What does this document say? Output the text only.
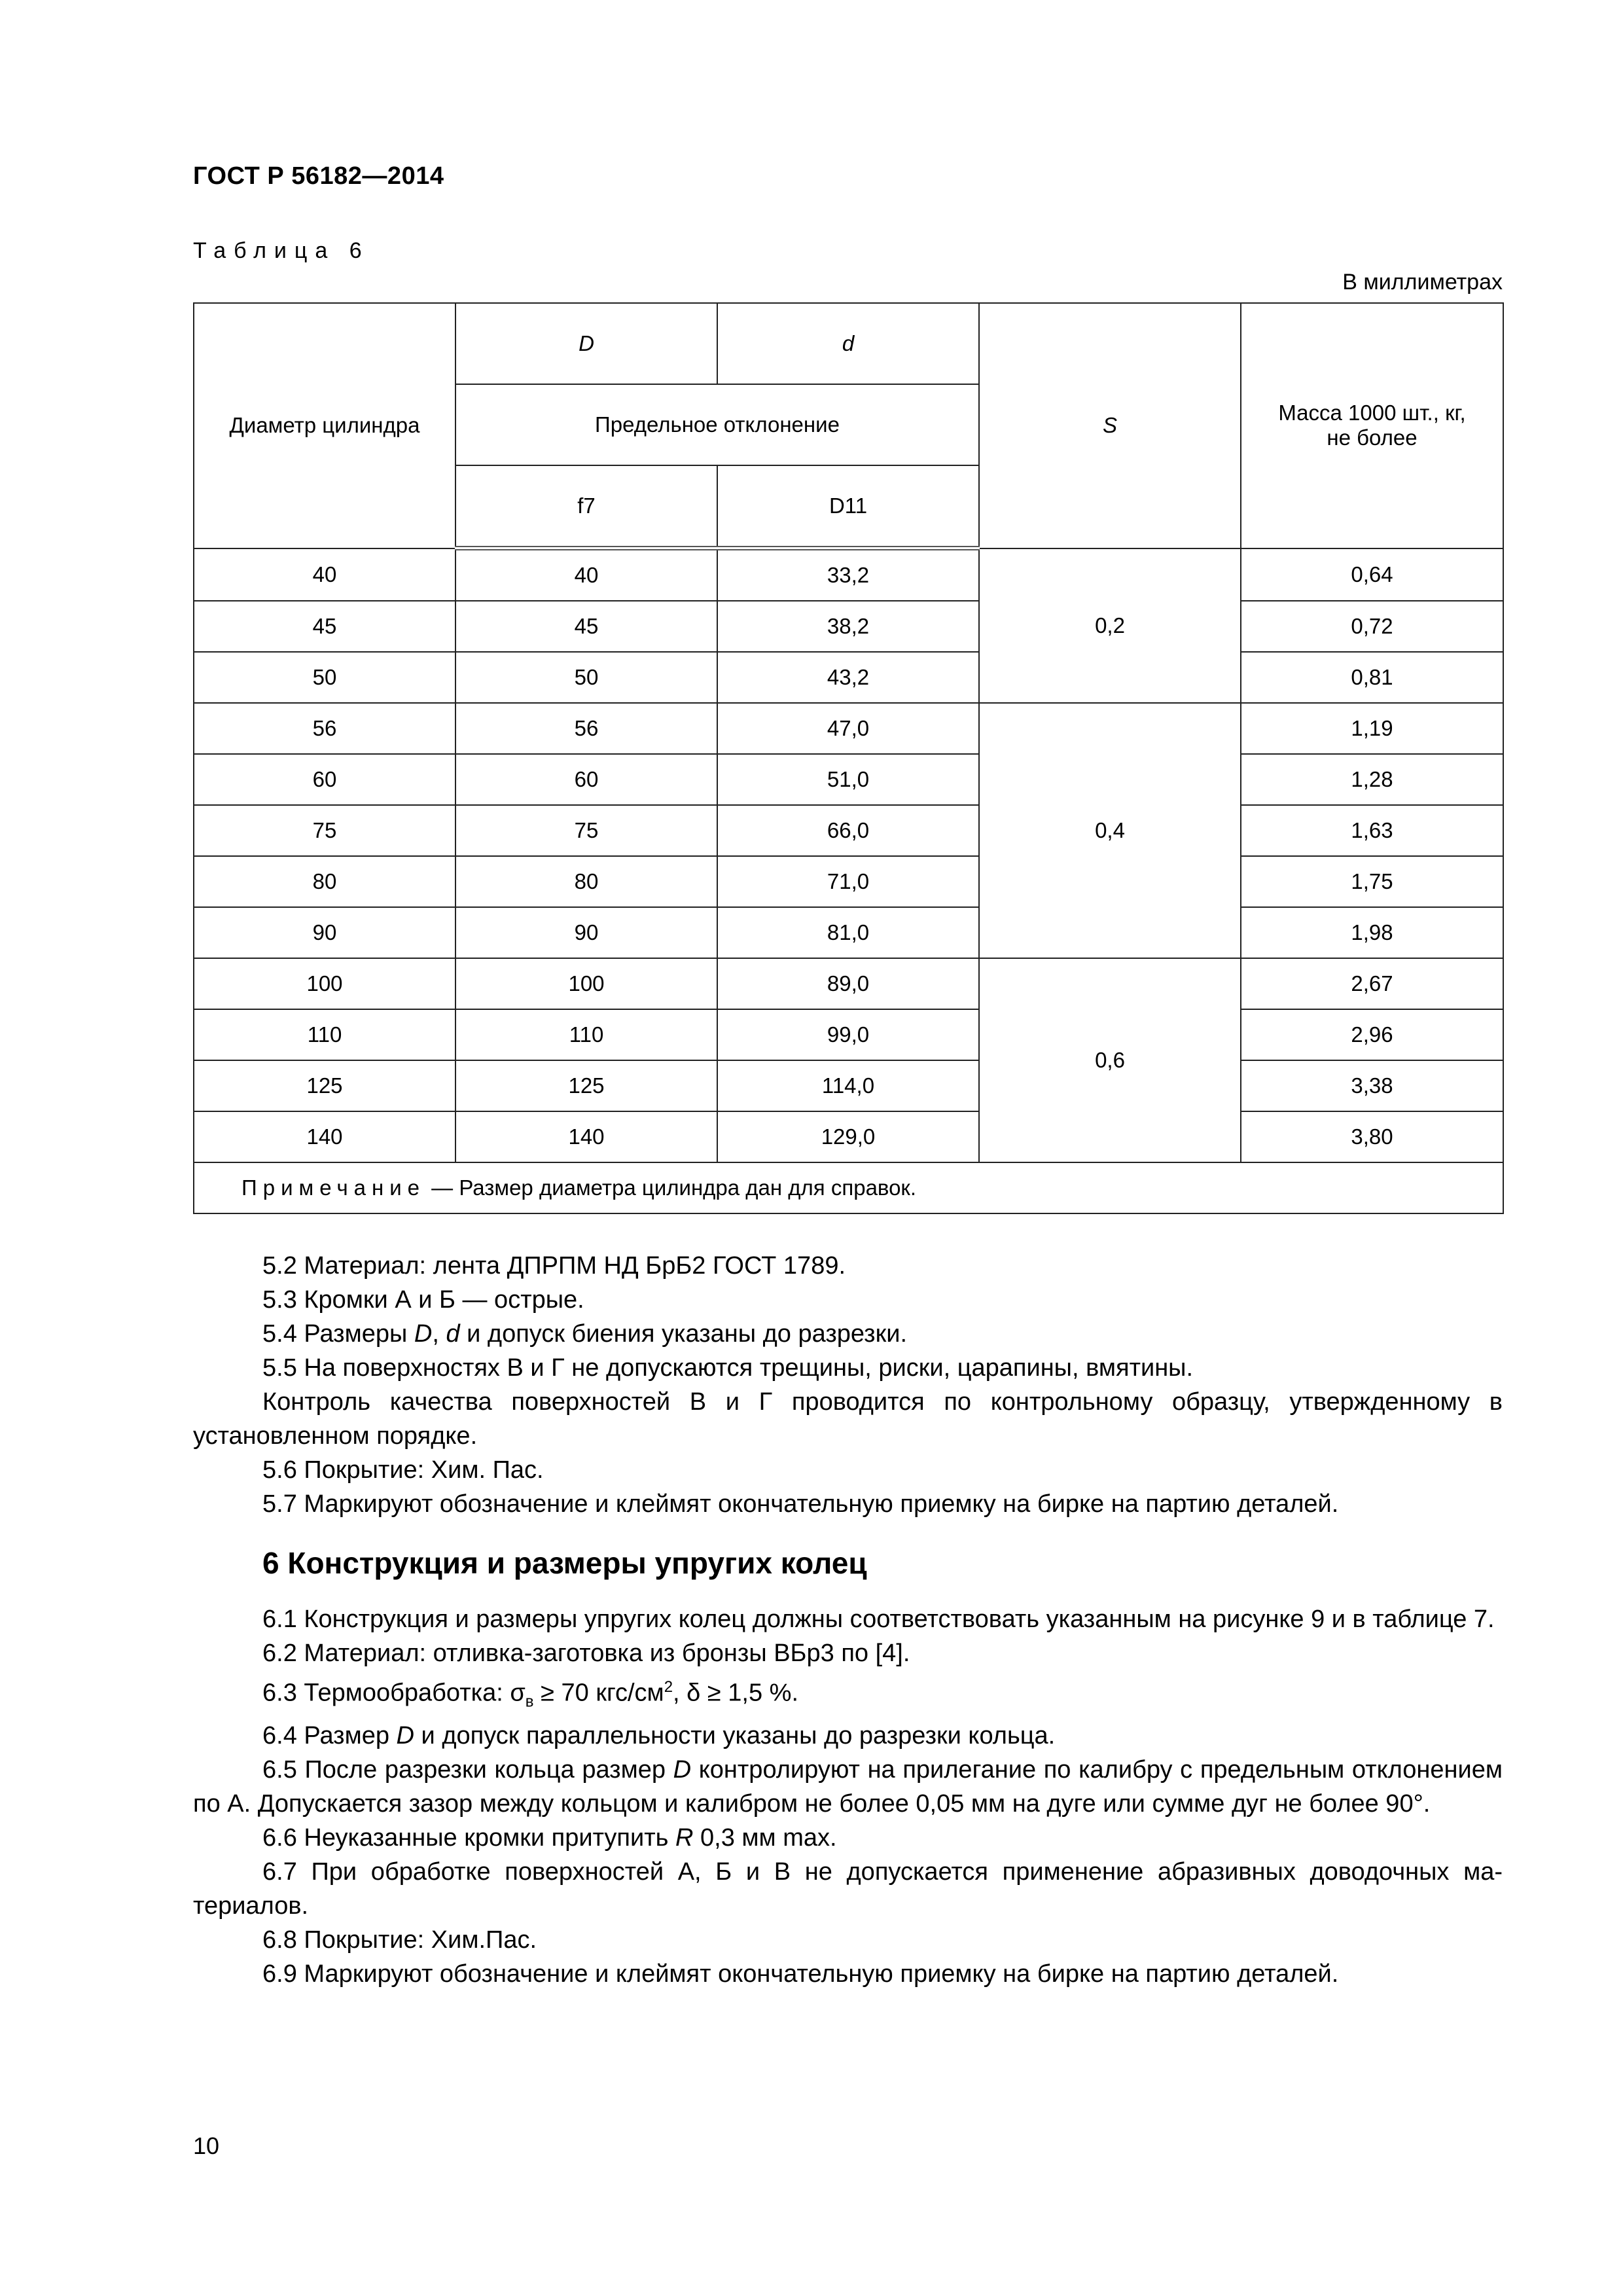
ГОСТ Р 56182—2014
Таблица 6
В миллиметрах
Диаметр цилиндра	D	d	S	Масса 1000 шт., кг, не более
	Предельное отклонение			
	f7	D11		
40	40	33,2	0,2	0,64
45	45	38,2		0,72
50	50	43,2		0,81
56	56	47,0	0,4	1,19
60	60	51,0		1,28
75	75	66,0		1,63
80	80	71,0		1,75
90	90	81,0		1,98
100	100	89,0	0,6	2,67
110	110	99,0		2,96
125	125	114,0		3,38
140	140	129,0		3,80
Примечание — Размер диаметра цилиндра дан для справок.				

5.2 Материал: лента ДПРПМ НД БрБ2 ГОСТ 1789.

5.3 Кромки А и Б — острые.

5.4 Размеры D, d и допуск биения указаны до разрезки.

5.5 На поверхностях В и Г не допускаются трещины, риски, царапины, вмятины.

Контроль качества поверхностей В и Г проводится по контрольному образцу, утвержденному в установленном порядке.

5.6 Покрытие: Хим. Пас.

5.7 Маркируют обозначение и клеймят окончательную приемку на бирке на партию деталей.

6 Конструкция и размеры упругих колец

6.1 Конструкция и размеры упругих колец должны соответствовать указанным на рисунке 9 и в таблице 7.

6.2 Материал: отливка-заготовка из бронзы ВБр3 по [4].

6.3 Термообработка: $\sigma_в \ge 70$ кгс/$см^2$, δ ≥ 1,5 %.

6.4 Размер D и допуск параллельности указаны до разрезки кольца.

6.5 После разрезки кольца размер D контролируют на прилегание по калибру с предельным отклонением по А. Допускается зазор между кольцом и калибром не более 0,05 мм на дуге или сумме дуг не более 90°.

6.6 Неуказанные кромки притупить R 0,3 мм max.

6.7 При обработке поверхностей А, Б и В не допускается применение абразивных доводочных материалов.

6.8 Покрытие: Хим.Пас.

6.9 Маркируют обозначение и клеймят окончательную приемку на бирке на партию деталей.

10
